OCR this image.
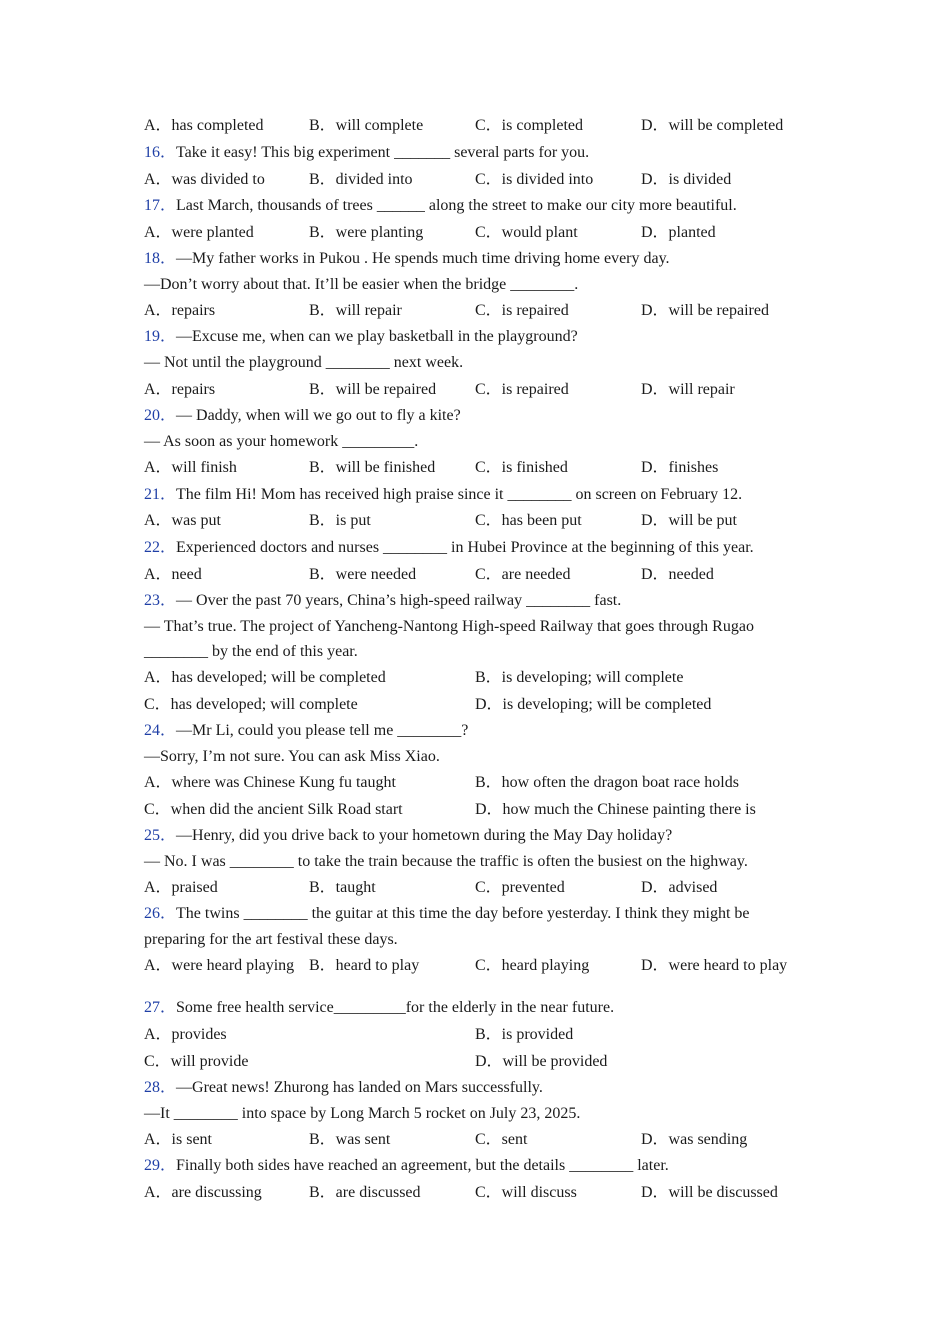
A．has completed	B．will complete	C．is completed	D．will be completed
16．Take it easy! This big experiment _______ several parts for you.
A．was divided to	B．divided into	C．is divided into	D．is divided
17．Last March, thousands of trees ______ along the street to make our city more beautiful.
A．were planted	B．were planting	C．would plant	D．planted
18．—My father works in Pukou . He spends much time driving home every day.
—Don’t worry about that. It’ll be easier when the bridge ________.
A．repairs	B．will repair	C．is repaired	D．will be repaired
19．—Excuse me, when can we play basketball in the playground?
— Not until the playground ________ next week.
A．repairs	B．will be repaired C．is repaired	D．will repair
20．— Daddy, when will we go out to fly a kite?
— As soon as your homework _________.
A．will finish	B．will be finished C．is finished	D．finishes
21．The film Hi! Mom has received high praise since it ________ on screen on February 12.
A．was put	B．is put	C．has been put	D．will be put
22．Experienced doctors and nurses ________ in Hubei Province at the beginning of this year.
A．need	B．were needed	C．are needed	D．needed
23．— Over the past 70 years, China’s high-speed railway ________ fast.
— That’s true. The project of Yancheng-Nantong High-speed Railway that goes through Rugao
________ by the end of this year.
A．has developed; will be completed	B．is developing; will complete
C．has developed; will complete	D．is developing; will be completed
24．—Mr Li, could you please tell me ________?
—Sorry, I’m not sure. You can ask Miss Xiao.
A．where was Chinese Kung fu taught	B．how often the dragon boat race holds
C．when did the ancient Silk Road start	D．how much the Chinese painting there is
25．—Henry, did you drive back to your hometown during the May Day holiday?
— No. I was ________ to take the train because the traffic is often the busiest on the highway.
A．praised	B．taught	C．prevented	D．advised
26．The twins ________ the guitar at this time the day before yesterday. I think they might be
preparing for the art festival these days.
A．were heard playing B．heard to play	C．heard playing	D．were heard to play
27．Some free health service_________for the elderly in the near future.
A．provides	B．is provided
C．will provide	D．will be provided
28．—Great news! Zhurong has landed on Mars successfully.
—It ________ into space by Long March 5 rocket on July 23, 2025.
A．is sent	B．was sent	C．sent	D．was sending
29．Finally both sides have reached an agreement, but the details ________ later.
A．are discussing	B．are discussed	C．will discuss	D．will be discussed
